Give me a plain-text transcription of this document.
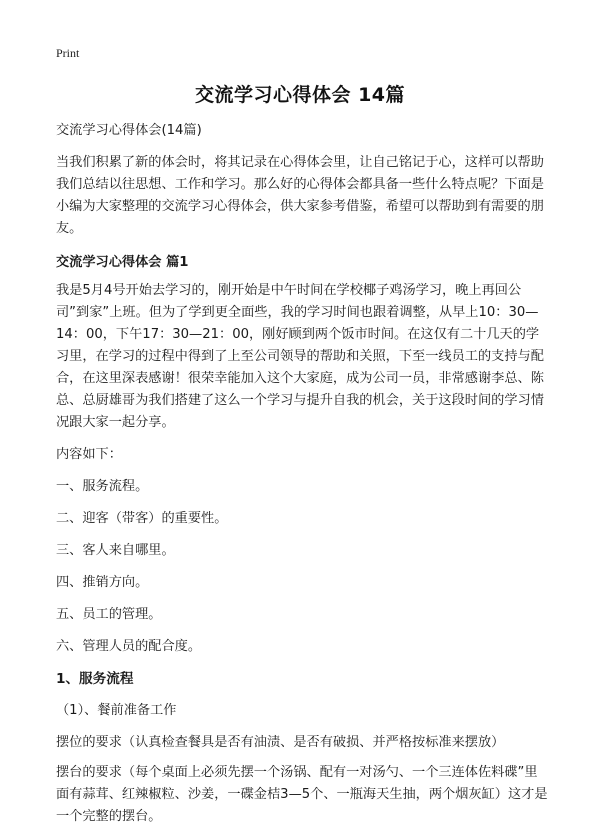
Print
交流学习心得体会 14篇

交流学习心得体会(14篇)

当我们积累了新的体会时，将其记录在心得体会里，让自己铭记于心，这样可以帮助我们总结以往思想、工作和学习。那么好的心得体会都具备一些什么特点呢？下面是小编为大家整理的交流学习心得体会，供大家参考借鉴，希望可以帮助到有需要的朋友。

交流学习心得体会 篇1

我是5月4号开始去学习的，刚开始是中午时间在学校椰子鸡汤学习，晚上再回公司”到家”上班。但为了学到更全面些，我的学习时间也跟着调整，从早上10：30—14：00，下午17：30—21：00，刚好顾到两个饭市时间。在这仅有二十几天的学习里，在学习的过程中得到了上至公司领导的帮助和关照，下至一线员工的支持与配合，在这里深表感谢！很荣幸能加入这个大家庭，成为公司一员，非常感谢李总、陈总、总厨雄哥为我们搭建了这么一个学习与提升自我的机会，关于这段时间的学习情况跟大家一起分享。

内容如下：

一、服务流程。

二、迎客（带客）的重要性。

三、客人来自哪里。

四、推销方向。

五、员工的管理。

六、管理人员的配合度。

1、服务流程

（1）、餐前准备工作

摆位的要求（认真检查餐具是否有油渍、是否有破损、并严格按标准来摆放）

摆台的要求（每个桌面上必须先摆一个汤锅、配有一对汤勺、一个三连体佐料碟”里面有蒜茸、红辣椒粒、沙姜，一碟金桔3—5个、一瓶海天生抽，两个烟灰缸）这才是一个完整的摆台。
